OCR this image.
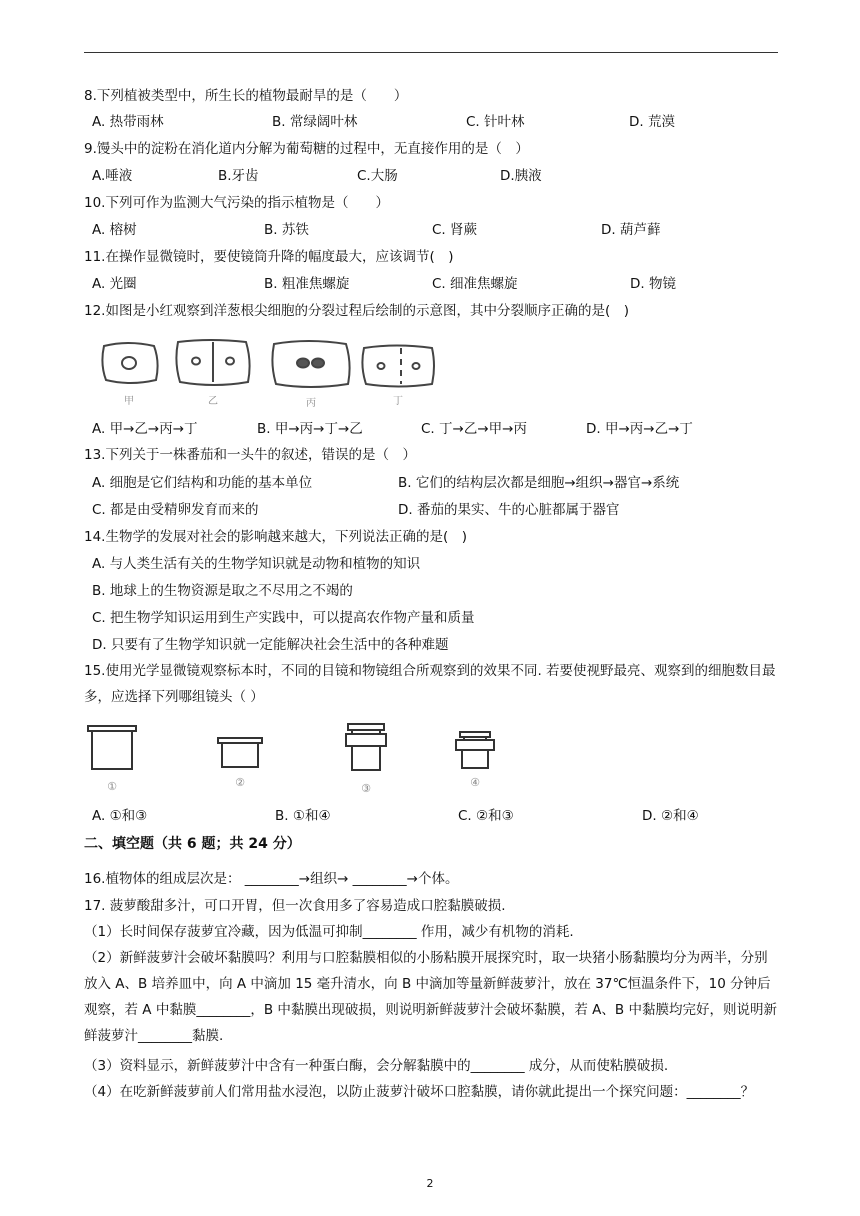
8.下列植被类型中，所生长的植物最耐旱的是（　　）
A. 热带雨林	B. 常绿阔叶林	C. 针叶林	D. 荒漠
9.馒头中的淀粉在消化道内分解为葡萄糖的过程中，无直接作用的是（　）
A.唾液	B.牙齿	C.大肠	D.胰液
10.下列可作为监测大气污染的指示植物是（　　）
A. 榕树	B. 苏铁	C. 肾蕨	D. 葫芦藓
11.在操作显微镜时，要使镜筒升降的幅度最大，应该调节(　)
A. 光圈	B. 粗准焦螺旋	C. 细准焦螺旋	D. 物镜
12.如图是小红观察到洋葱根尖细胞的分裂过程后绘制的示意图，其中分裂顺序正确的是(　)
甲	乙	丙	丁
A. 甲→乙→丙→丁	B. 甲→丙→丁→乙	C. 丁→乙→甲→丙	D. 甲→丙→乙→丁
13.下列关于一株番茄和一头牛的叙述，错误的是（　）
A. 细胞是它们结构和功能的基本单位	B. 它们的结构层次都是细胞→组织→器官→系统
C. 都是由受精卵发育而来的	D. 番茄的果实、牛的心脏都属于器官
14.生物学的发展对社会的影响越来越大，下列说法正确的是(　)
A. 与人类生活有关的生物学知识就是动物和植物的知识
B. 地球上的生物资源是取之不尽用之不竭的
C. 把生物学知识运用到生产实践中，可以提高农作物产量和质量
D. 只要有了生物学知识就一定能解决社会生活中的各种难题
15.使用光学显微镜观察标本时，不同的目镜和物镜组合所观察到的效果不同. 若要使视野最亮、观察到的细胞数目最多，应选择下列哪组镜头（ ）
①	②	③	④
A. ①和③	B. ①和④	C. ②和③	D. ②和④
二、填空题（共 6 题；共 24 分）
16.植物体的组成层次是： ________→组织→ ________→个体。
17. 菠萝酸甜多汁，可口开胃，但一次食用多了容易造成口腔黏膜破损.
（1）长时间保存菠萝宜冷藏，因为低温可抑制________ 作用，减少有机物的消耗.
（2）新鲜菠萝汁会破坏黏膜吗？利用与口腔黏膜相似的小肠粘膜开展探究时，取一块猪小肠黏膜均分为两半，分别放入 A、B 培养皿中，向 A 中滴加 15 毫升清水，向 B 中滴加等量新鲜菠萝汁，放在 37℃恒温条件下，10 分钟后观察，若 A 中黏膜________，B 中黏膜出现破损，则说明新鲜菠萝汁会破坏黏膜，若 A、B 中黏膜均完好，则说明新鲜菠萝汁________黏膜.
（3）资料显示，新鲜菠萝汁中含有一种蛋白酶，会分解黏膜中的________ 成分，从而使粘膜破损.
（4）在吃新鲜菠萝前人们常用盐水浸泡，以防止菠萝汁破坏口腔黏膜，请你就此提出一个探究问题：________？
2
